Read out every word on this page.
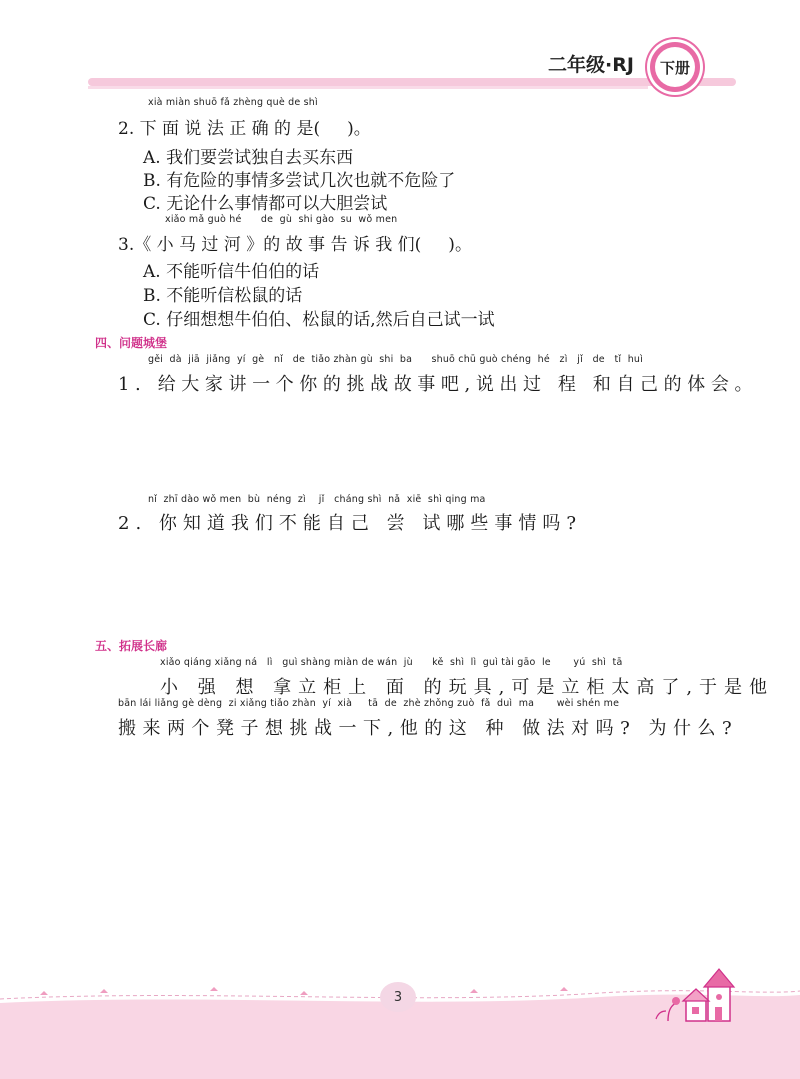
二年级·RJ	下册
xià miàn shuō fǎ zhèng què de shì
2. 下 面 说 法 正 确 的 是(     )。
A. 我们要尝试独自去买东西
B. 有危险的事情多尝试几次也就不危险了
C. 无论什么事情都可以大胆尝试
xiǎo mǎ guò hé      de  gù  shi gào  su  wǒ men
3.《 小 马 过 河 》的 故 事 告 诉 我 们(     )。
A. 不能听信牛伯伯的话
B. 不能听信松鼠的话
C. 仔细想想牛伯伯、松鼠的话,然后自己试一试
四、问题城堡
gěi  dà  jiā  jiǎng  yí  gè   nǐ   de  tiǎo zhàn gù  shi  ba      shuō chū guò chéng  hé   zì   jǐ   de   tǐ  huì
1. 给大家讲一个你的挑战故事吧,说出过 程 和自己的体会。
nǐ  zhī dào wǒ men  bù  néng  zì    jǐ   cháng shì  nǎ  xiē  shì qing ma
2. 你知道我们不能自己 尝 试哪些事情吗?
五、拓展长廊
xiǎo qiáng xiǎng ná   lì   guì shàng miàn de wán  jù      kě  shì  lì  guì tài gāo  le       yú  shì  tā
小 强 想 拿立柜上 面 的玩具,可是立柜太高了,于是他
bān lái liǎng gè dèng  zi xiǎng tiǎo zhàn  yí  xià     tā  de  zhè zhǒng zuò  fǎ  duì  ma       wèi shén me
搬来两个凳子想挑战一下,他的这 种 做法对吗? 为什么?
3
